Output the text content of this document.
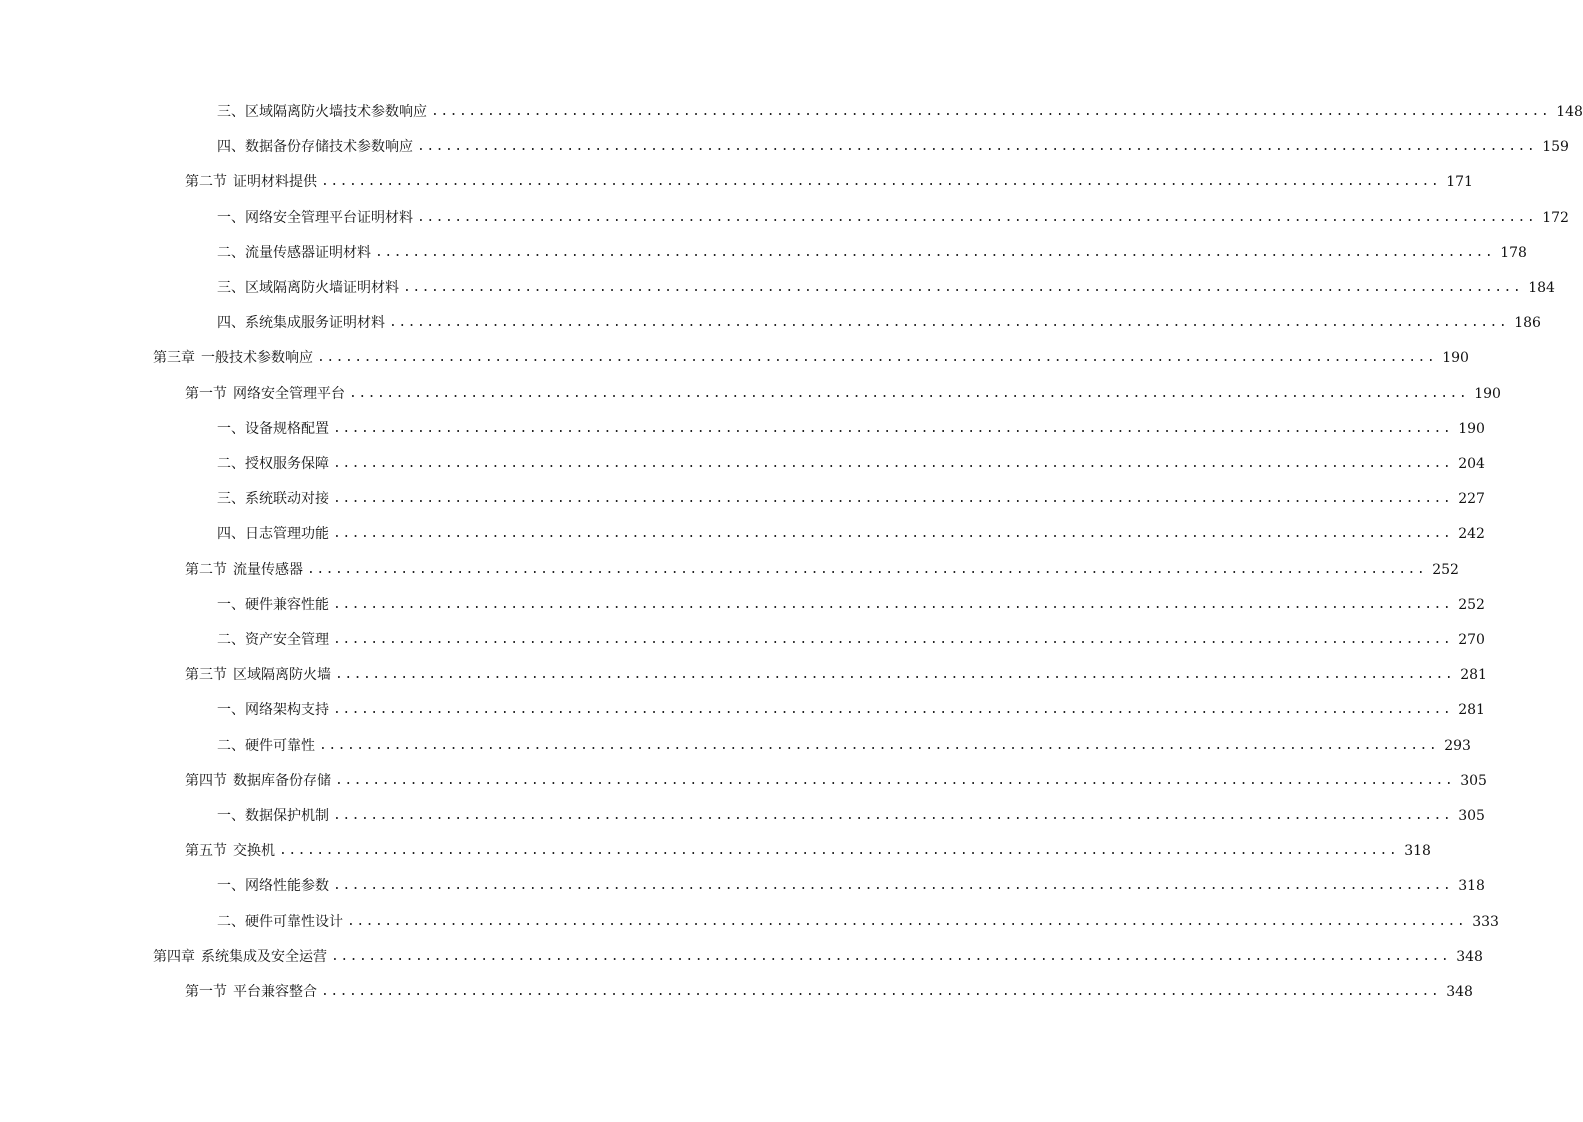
三、 区域隔离防火墙技术参数响应 ........................................................................................................................ 148
四、 数据备份存储技术参数响应 ........................................................................................................................ 159
第二节 证明材料提供 ........................................................................................................................ 171
一、 网络安全管理平台证明材料 ........................................................................................................................ 172
二、 流量传感器证明材料 ........................................................................................................................ 178
三、 区域隔离防火墙证明材料 ........................................................................................................................ 184
四、 系统集成服务证明材料 ........................................................................................................................ 186
第三章 一般技术参数响应 ........................................................................................................................ 190
第一节 网络安全管理平台 ........................................................................................................................ 190
一、 设备规格配置 ........................................................................................................................ 190
二、 授权服务保障 ........................................................................................................................ 204
三、 系统联动对接 ........................................................................................................................ 227
四、 日志管理功能 ........................................................................................................................ 242
第二节 流量传感器 ........................................................................................................................ 252
一、 硬件兼容性能 ........................................................................................................................ 252
二、 资产安全管理 ........................................................................................................................ 270
第三节 区域隔离防火墙 ........................................................................................................................ 281
一、 网络架构支持 ........................................................................................................................ 281
二、 硬件可靠性 ........................................................................................................................ 293
第四节 数据库备份存储 ........................................................................................................................ 305
一、 数据保护机制 ........................................................................................................................ 305
第五节 交换机 ........................................................................................................................ 318
一、 网络性能参数 ........................................................................................................................ 318
二、 硬件可靠性设计 ........................................................................................................................ 333
第四章 系统集成及安全运营 ........................................................................................................................ 348
第一节 平台兼容整合 ........................................................................................................................ 348
